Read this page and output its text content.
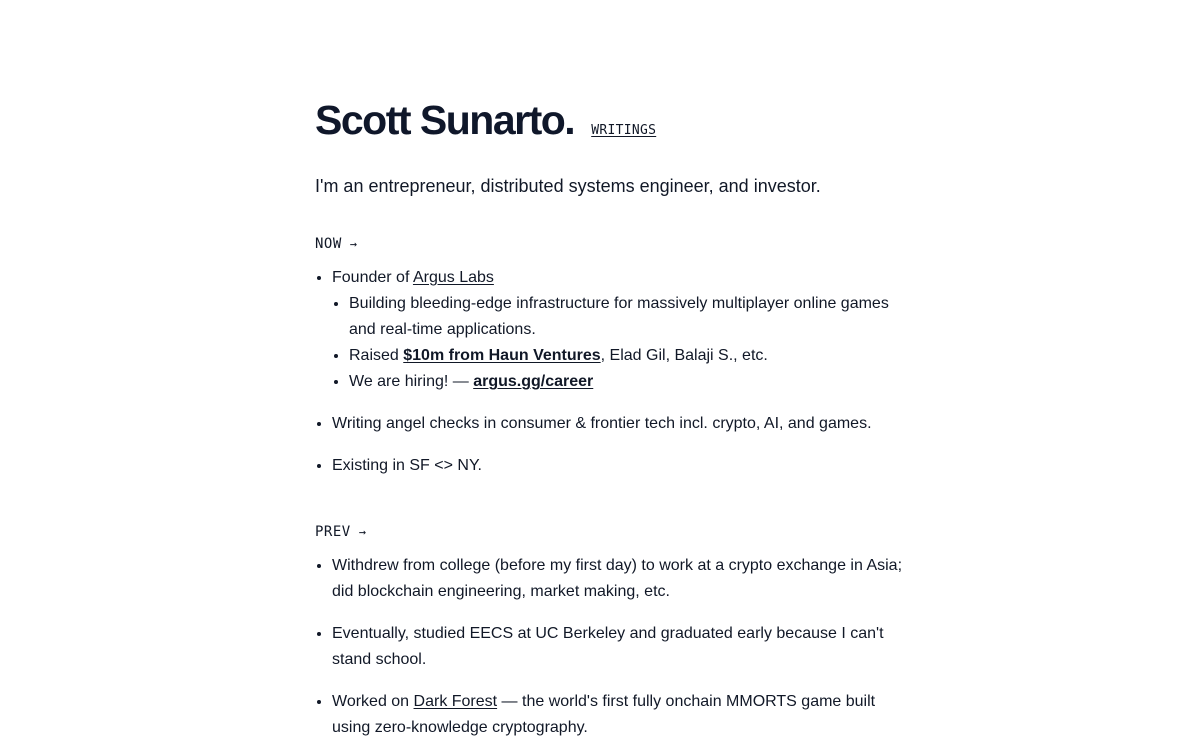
Scott Sunarto. WRITINGS
I'm an entrepreneur, distributed systems engineer, and investor.
NOW →
• Founder of Argus Labs
• Building bleeding-edge infrastructure for massively multiplayer online games and real-time applications.
• Raised $10m from Haun Ventures, Elad Gil, Balaji S., etc.
• We are hiring! — argus.gg/career
• Writing angel checks in consumer & frontier tech incl. crypto, AI, and games.
• Existing in SF <> NY.
PREV →
• Withdrew from college (before my first day) to work at a crypto exchange in Asia; did blockchain engineering, market making, etc.
• Eventually, studied EECS at UC Berkeley and graduated early because I can't stand school.
• Worked on Dark Forest — the world's first fully onchain MMORTS game built using zero-knowledge cryptography.
